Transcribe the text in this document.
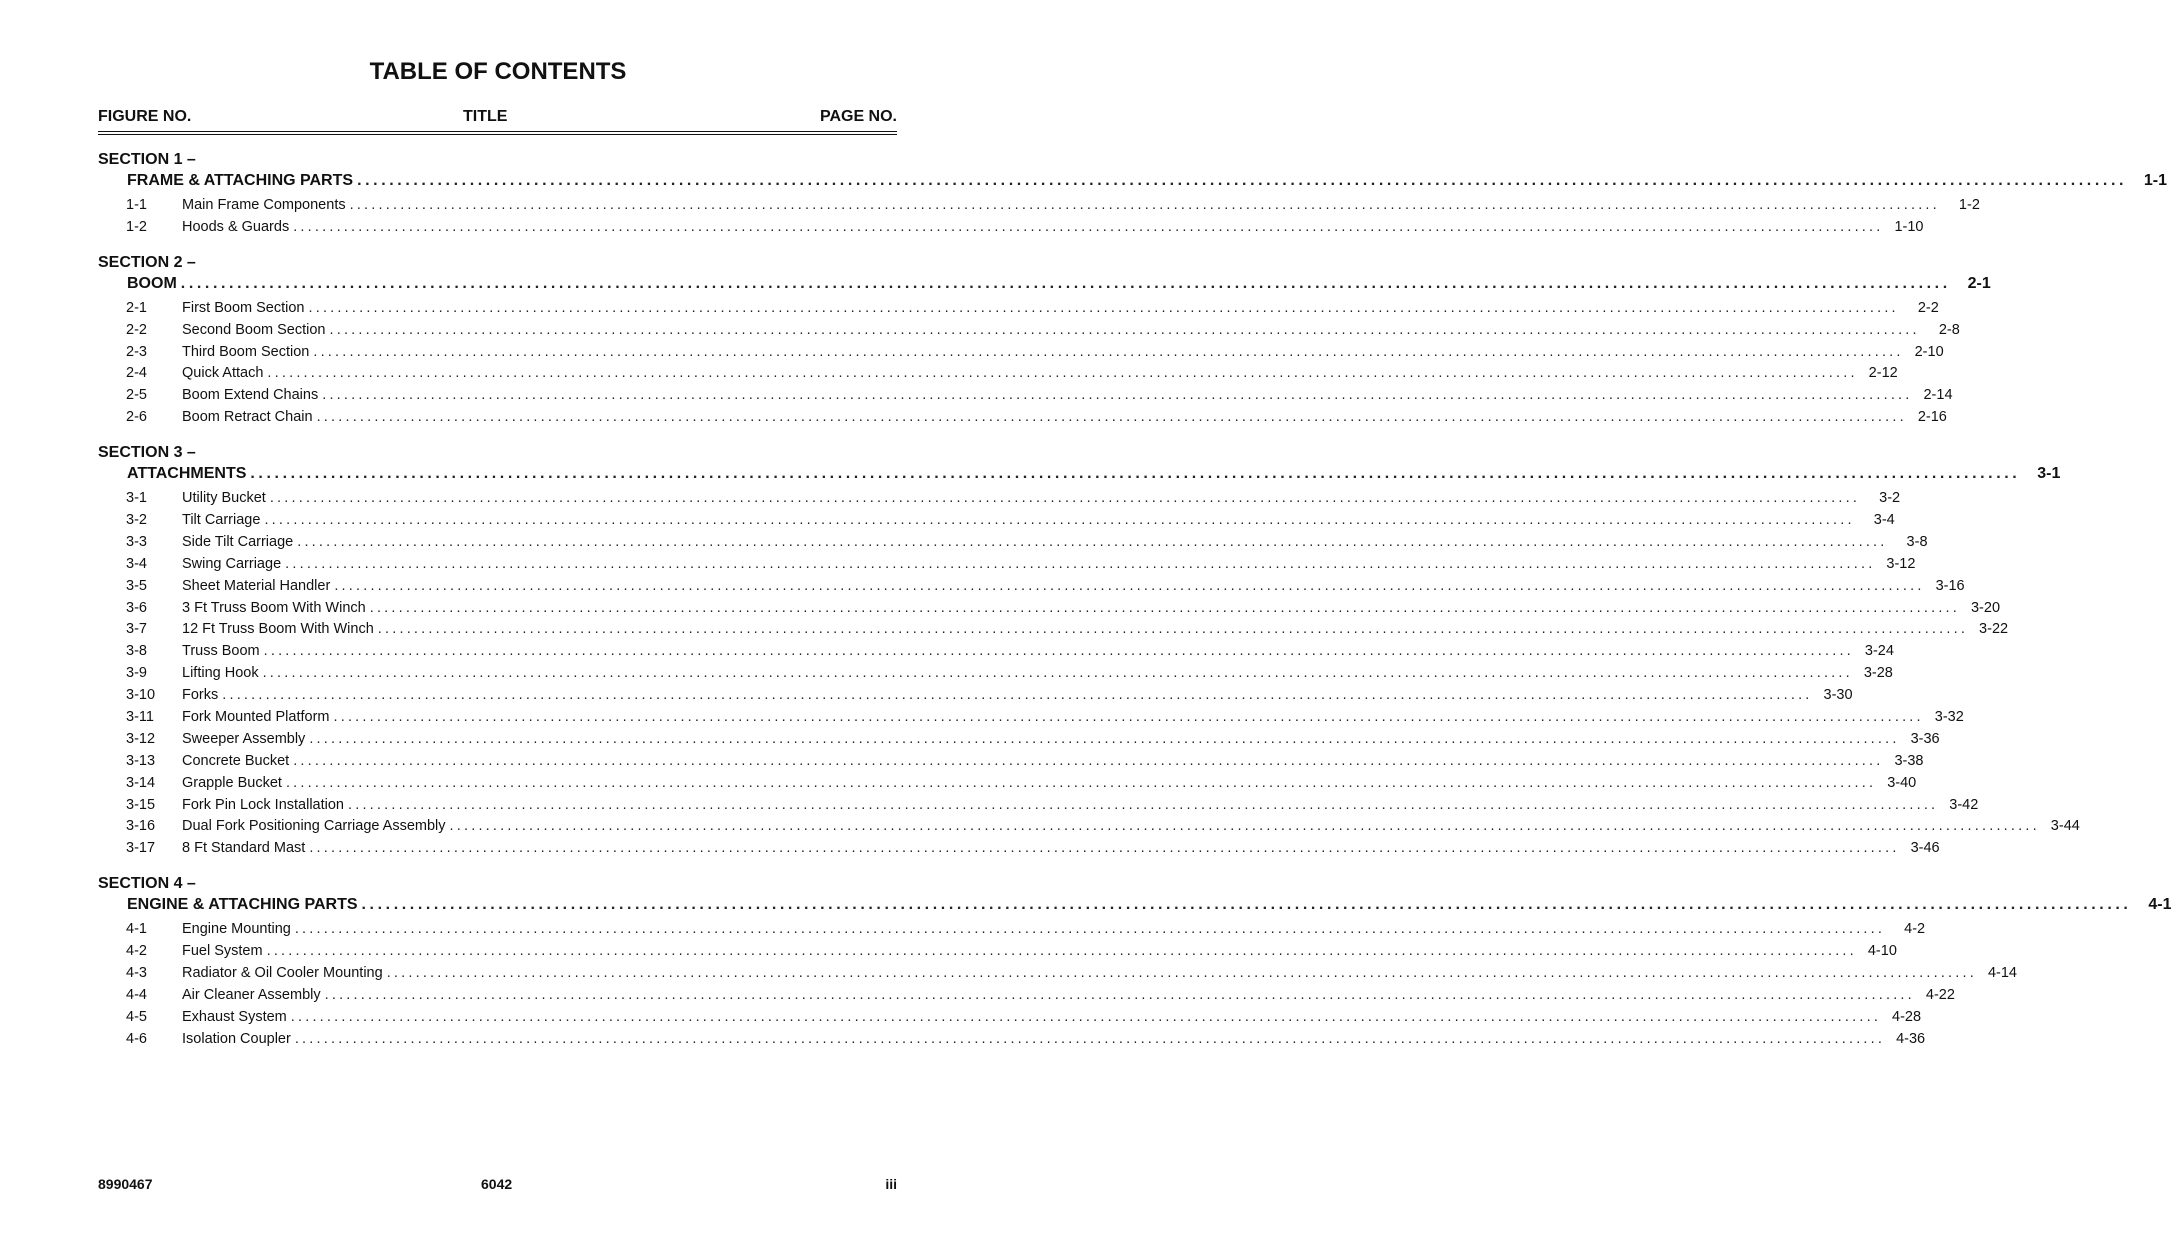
TABLE OF CONTENTS
FIGURE NO.	TITLE	PAGE NO.
SECTION 1 –
FRAME & ATTACHING PARTS ............................................................................................................................................................................................................................	1-1
1-1	Main Frame Components ............................................................................................................................................................................................................................	1-2
1-2	Hoods & Guards ............................................................................................................................................................................................................................ 1-10
SECTION 2 –
BOOM ............................................................................................................................................................................................................................	2-1
2-1	First Boom Section ............................................................................................................................................................................................................................	2-2
2-2	Second Boom Section ............................................................................................................................................................................................................................	2-8
2-3	Third Boom Section ............................................................................................................................................................................................................................ 2-10
2-4	Quick Attach ............................................................................................................................................................................................................................ 2-12
2-5	Boom Extend Chains ............................................................................................................................................................................................................................ 2-14
2-6	Boom Retract Chain ............................................................................................................................................................................................................................ 2-16
SECTION 3 –
ATTACHMENTS ............................................................................................................................................................................................................................	3-1
3-1	Utility Bucket ............................................................................................................................................................................................................................	3-2
3-2	Tilt Carriage ............................................................................................................................................................................................................................	3-4
3-3	Side Tilt Carriage ............................................................................................................................................................................................................................	3-8
3-4	Swing Carriage ............................................................................................................................................................................................................................ 3-12
3-5	Sheet Material Handler ............................................................................................................................................................................................................................ 3-16
3-6	3 Ft Truss Boom With Winch ............................................................................................................................................................................................................................ 3-20
3-7	12 Ft Truss Boom With Winch ............................................................................................................................................................................................................................ 3-22
3-8	Truss Boom ............................................................................................................................................................................................................................ 3-24
3-9	Lifting Hook ............................................................................................................................................................................................................................ 3-28
3-10	Forks ............................................................................................................................................................................................................................ 3-30
3-11	Fork Mounted Platform ............................................................................................................................................................................................................................ 3-32
3-12	Sweeper Assembly ............................................................................................................................................................................................................................ 3-36
3-13	Concrete Bucket ............................................................................................................................................................................................................................ 3-38
3-14	Grapple Bucket ............................................................................................................................................................................................................................ 3-40
3-15	Fork Pin Lock Installation ............................................................................................................................................................................................................................ 3-42
3-16	Dual Fork Positioning Carriage Assembly ............................................................................................................................................................................................................................ 3-44
3-17	8 Ft Standard Mast ............................................................................................................................................................................................................................ 3-46
SECTION 4 –
ENGINE & ATTACHING PARTS ............................................................................................................................................................................................................................	4-1
4-1	Engine Mounting ............................................................................................................................................................................................................................	4-2
4-2	Fuel System ............................................................................................................................................................................................................................ 4-10
4-3	Radiator & Oil Cooler Mounting ............................................................................................................................................................................................................................ 4-14
4-4	Air Cleaner Assembly ............................................................................................................................................................................................................................ 4-22
4-5	Exhaust System ............................................................................................................................................................................................................................ 4-28
4-6	Isolation Coupler ............................................................................................................................................................................................................................ 4-36
8990467	6042	iii
